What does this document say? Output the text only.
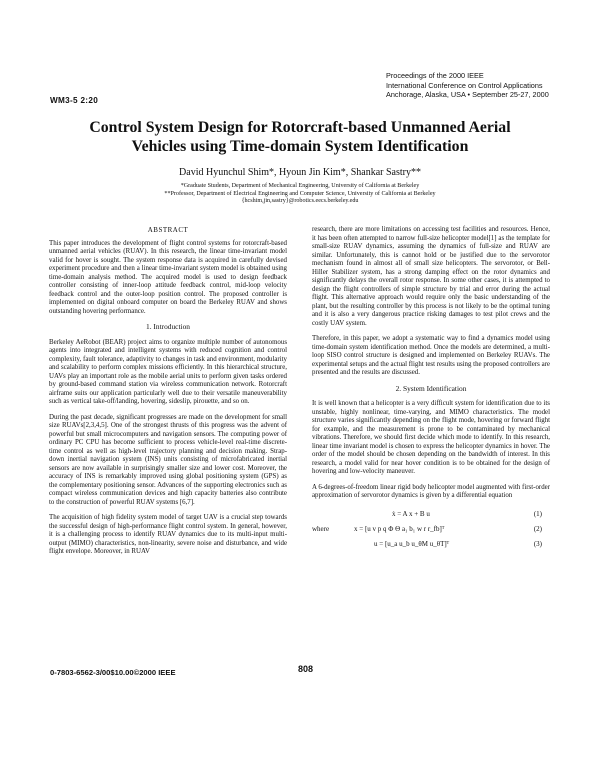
WM3-5 2:20
Proceedings of the 2000 IEEE
International Conference on Control Applications
Anchorage, Alaska, USA • September 25-27, 2000
Control System Design for Rotorcraft-based Unmanned Aerial
Vehicles using Time-domain System Identification
David Hyunchul Shim*, Hyoun Jin Kim*, Shankar Sastry**
*Graduate Students, Department of Mechanical Engineering, University of California at Berkeley
**Professor, Department of Electrical Engineering and Computer Science, University of California at Berkeley
{hcshim,jin,sastry}@robotics.eecs.berkeley.edu
ABSTRACT

This paper introduces the development of flight control systems for rotorcraft-based unmanned aerial vehicles (RUAV). In this research, the linear time-invariant model valid for hover is sought. The system response data is acquired in carefully devised experiment procedure and then a linear time-invariant system model is obtained using time-domain analysis method. The acquired model is used to design feedback controller consisting of inner-loop attitude feedback control, mid-loop velocity feedback control and the outer-loop position control. The proposed controller is implemented on digital onboard computer on board the Berkeley RUAV and shows outstanding hovering performance.

1. Introduction

Berkeley AeRobot (BEAR) project aims to organize multiple number of autonomous agents into integrated and intelligent systems with reduced cognition and control complexity, fault tolerance, adaptivity to changes in task and environment, modularity and scalability to perform complex missions efficiently. In this hierarchical structure, UAVs play an important role as the mobile aerial units to perform given tasks ordered by ground-based command station via wireless communication network. Rotorcraft airframe suits our application particularly well due to their versatile maneuverability such as vertical take-off/landing, hovering, sideslip, pirouette, and so on.

During the past decade, significant progresses are made on the development for small size RUAVs[2,3,4,5]. One of the strongest thrusts of this progress was the advent of powerful but small microcomputers and navigation sensors. The computing power of ordinary PC CPU has become sufficient to process vehicle-level real-time discrete-time control as well as high-level trajectory planning and decision making. Strap-down inertial navigation system (INS) units consisting of microfabricated inertial sensors are now available in surprisingly smaller size and lower cost. Moreover, the accuracy of INS is remarkably improved using global positioning system (GPS) as the complementary positioning sensor. Advances of the supporting electronics such as compact wireless communication devices and high capacity batteries also contribute to the construction of powerful RUAV systems [6,7].

The acquisition of high fidelity system model of target UAV is a crucial step towards the successful design of high-performance flight control system. In general, however, it is a challenging process to identify RUAV dynamics due to its multi-input multi-output (MIMO) characteristics, non-linearity, severe noise and disturbance, and wide flight envelope. Moreover, in RUAV

research, there are more limitations on accessing test facilities and resources. Hence, it has been often attempted to narrow full-size helicopter model[1] as the template for small-size RUAV dynamics, assuming the dynamics of full-size and RUAV are similar. Unfortunately, this is cannot hold or be justified due to the servorotor mechanism found in almost all of small size helicopters. The servorotor, or Bell-Hiller Stabilizer system, has a strong damping effect on the rotor dynamics and significantly delays the overall rotor response. In some other cases, it is attempted to design the flight controllers of simple structure by trial and error during the actual flight. This alternative approach would require only the basic understanding of the plant, but the resulting controller by this process is not likely to be the optimal tuning and it is also a very dangerous practice risking damages to test pilot crews and the costly UAV system.

Therefore, in this paper, we adopt a systematic way to find a dynamics model using time-domain system identification method. Once the models are determined, a multi-loop SISO control structure is designed and implemented on Berkeley RUAVs. The experimental setups and the actual flight test results using the proposed controllers are presented and the results are discussed.

2. System Identification

It is well known that a helicopter is a very difficult system for identification due to its unstable, highly nonlinear, time-varying, and MIMO characteristics. The model structure varies significantly depending on the flight mode, hovering or forward flight for example, and the measurement is prone to be contaminated by mechanical vibrations. Therefore, we should first decide which mode to identify. In this research, linear time invariant model is chosen to express the helicopter dynamics in hover. The order of the model should be chosen depending on the bandwidth of interest. In this research, a model valid for near hover condition is to be obtained for the design of hovering and low-velocity maneuver.

A 6-degrees-of-freedom linear rigid body helicopter model augmented with first-order approximation of servorotor dynamics is given by a differential equation

ẋ = A x + B u	(1)
where	x = [u v p q Φ Θ a₁ b₁ w r r_fb]ᵀ	(2)
u = [u_a u_b u_θM u_θT]ᵀ	(3)
0-7803-6562-3/00$10.00©2000 IEEE	808
